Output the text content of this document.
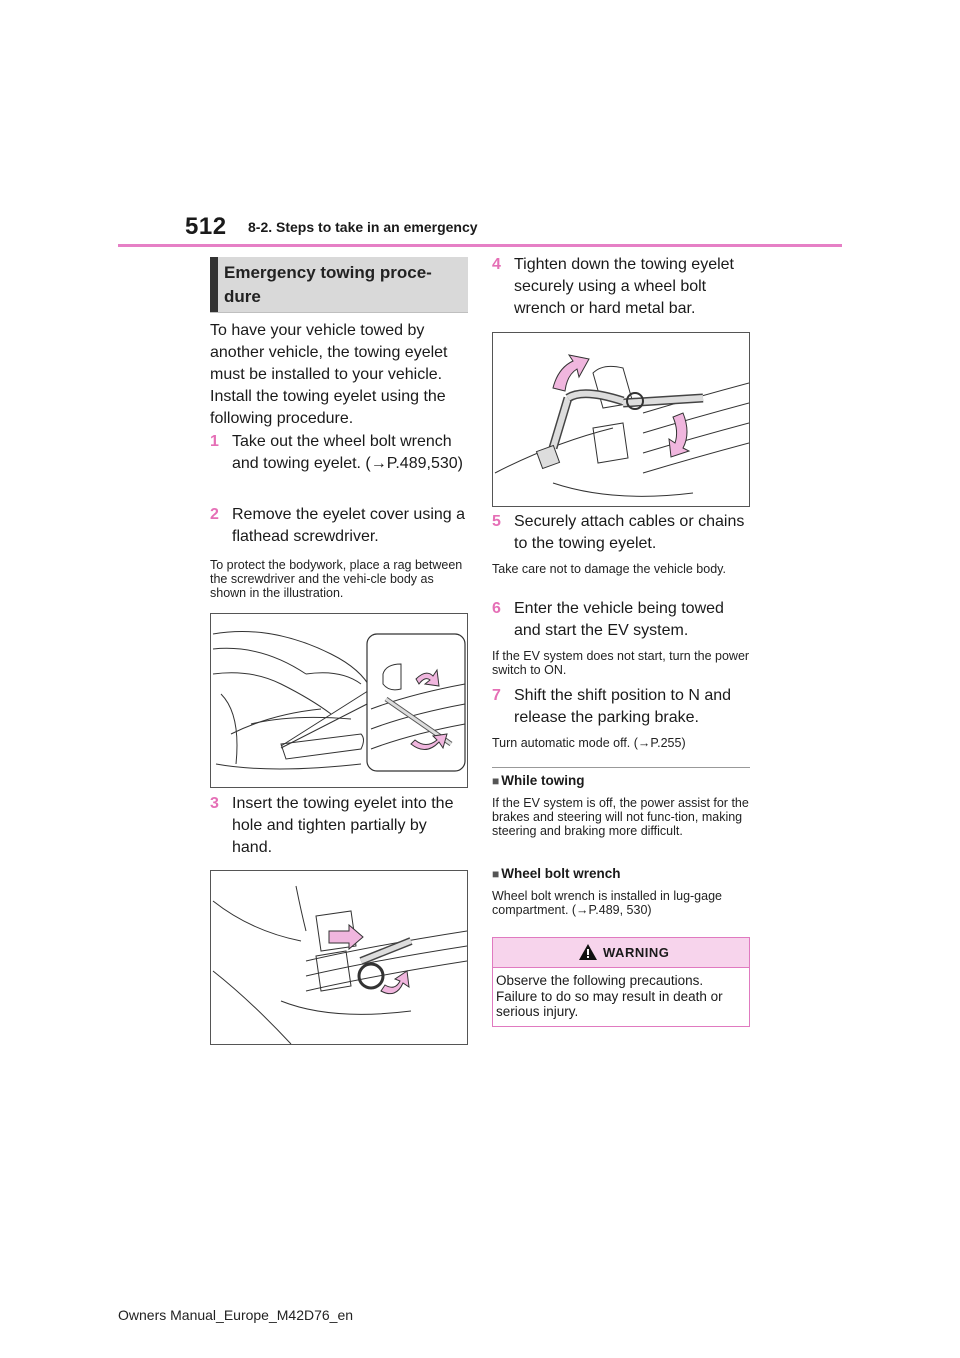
512 8-2. Steps to take in an emergency
Emergency towing proce-
dure
To have your vehicle towed by another vehicle, the towing eyelet must be installed to your vehicle. Install the towing eyelet using the following procedure.
1 Take out the wheel bolt wrench and towing eyelet. (→P.489,530)
2 Remove the eyelet cover using a flathead screwdriver.
To protect the bodywork, place a rag between the screwdriver and the vehi-cle body as shown in the illustration.
3 Insert the towing eyelet into the hole and tighten partially by hand.
4 Tighten down the towing eyelet securely using a wheel bolt wrench or hard metal bar.
5 Securely attach cables or chains to the towing eyelet.
Take care not to damage the vehicle body.
6 Enter the vehicle being towed and start the EV system.
If the EV system does not start, turn the power switch to ON.
7 Shift the shift position to N and release the parking brake.
Turn automatic mode off. (→P.255)
■ While towing
If the EV system is off, the power assist for the brakes and steering will not func-tion, making steering and braking more difficult.
■ Wheel bolt wrench
Wheel bolt wrench is installed in lug-gage compartment. (→P.489, 530)
WARNING
Observe the following precautions. Failure to do so may result in death or serious injury.
Owners Manual_Europe_M42D76_en
